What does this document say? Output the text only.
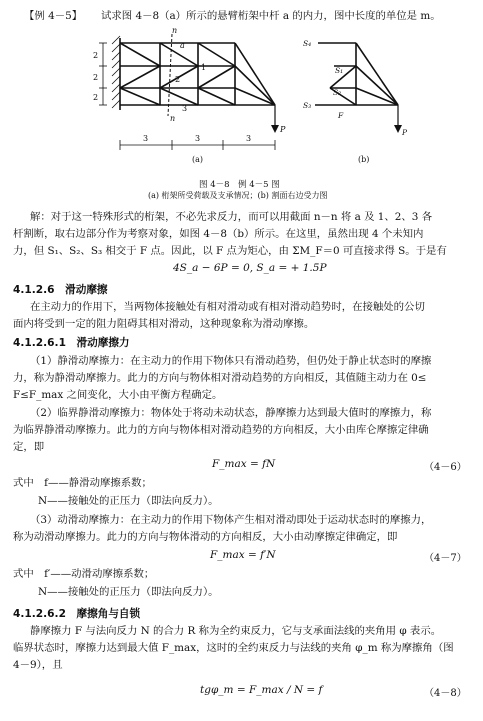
【例 4－5】 试求图 4－8（a）所示的悬臂桁架中杆 a 的内力，图中长度的单位是 m。
2
2
2
3	3	3
n
n
a
1
2
3
P
(a)
S₄
S₁
S₂
S₃
F
P
(b)
图 4－8　例 4－5 图
(a) 桁架所受荷载及支承情况；(b) 割面右边受力图
解：对于这一特殊形式的桁架，不必先求反力，而可以用截面 n－n 将 a 及 1、2、3 各
杆割断，取右边部分作为考察对象，如图 4－8（b）所示。在这里，虽然出现 4 个未知内
力，但 S₁、S₂、S₃ 相交于 F 点。因此，以 F 点为矩心，由 ΣM_F＝0 可直接求得 S。于是有
4S_a − 6P = 0, S_a = + 1.5P
4.1.2.6　滑动摩擦
在主动力的作用下，当两物体接触处有相对滑动或有相对滑动趋势时，在接触处的公切
面内将受到一定的阻力阻碍其相对滑动，这种现象称为滑动摩擦。
4.1.2.6.1　滑动摩擦力
（1）静滑动摩擦力：在主动力的作用下物体只有滑动趋势，但仍处于静止状态时的摩擦
力，称为静滑动摩擦力。此力的方向与物体相对滑动趋势的方向相反，其值随主动力在 0≤
F≤F_max 之间变化，大小由平衡方程确定。
（2）临界静滑动摩擦力：物体处于将动未动状态，静摩擦力达到最大值时的摩擦力，称
为临界静滑动摩擦力。此力的方向与物体相对滑动趋势的方向相反，大小由库仑摩擦定律确
定，即
F_max = fN	（4－6）
式中　f——静滑动摩擦系数；
N——接触处的正压力（即法向反力）。
（3）动滑动摩擦力：在主动力的作用下物体产生相对滑动即处于运动状态时的摩擦力，
称为动滑动摩擦力。此力的方向与物体滑动的方向相反，大小由动摩擦定律确定，即
F_max = f′N	（4－7）
式中　f′——动滑动摩擦系数；
N——接触处的正压力（即法向反力）。
4.1.2.6.2　摩擦角与自锁
静摩擦力 F 与法向反力 N 的合力 R 称为全约束反力，它与支承面法线的夹角用 φ 表示。
临界状态时，摩擦力达到最大值 F_max，这时的全约束反力与法线的夹角 φ_m 称为摩擦角（图
4－9），且
tgφ_m = F_max / N = f	（4－8）
